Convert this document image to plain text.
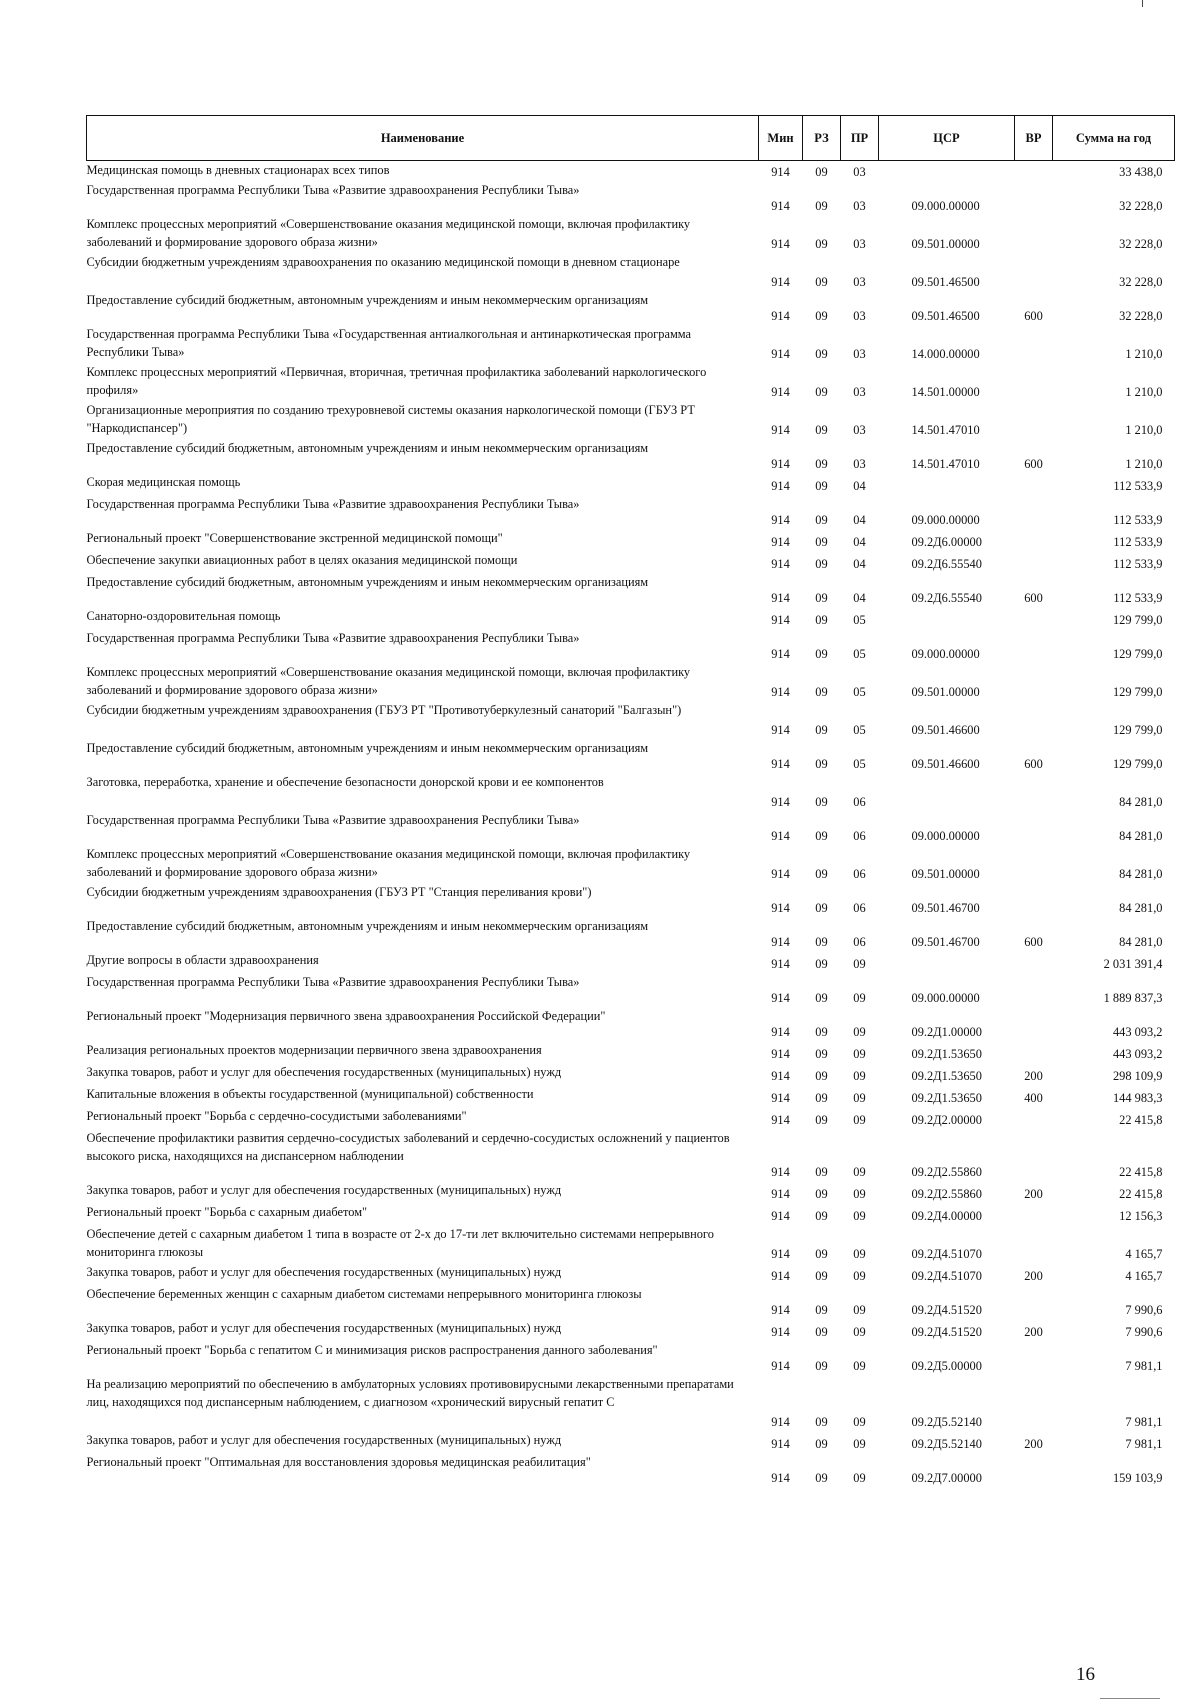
Наименование	Мин	РЗ	ПР	ЦСР	ВР	Сумма на год
Медицинская помощь в дневных стационарах всех типов	914	09	03			33 438,0
Государственная программа Республики Тыва «Развитие здравоохранения Республики Тыва»	914	09	03	09.000.00000		32 228,0
Комплекс процессных мероприятий «Совершенствование оказания медицинской помощи, включая профилактику заболеваний и формирование здорового образа жизни»	914	09	03	09.501.00000		32 228,0
Субсидии бюджетным учреждениям здравоохранения по оказанию медицинской помощи в дневном стационаре	914	09	03	09.501.46500		32 228,0
Предоставление субсидий бюджетным, автономным учреждениям и иным некоммерческим организациям	914	09	03	09.501.46500	600	32 228,0
Государственная программа Республики Тыва «Государственная антиалкогольная и антинаркотическая программа Республики Тыва»	914	09	03	14.000.00000		1 210,0
Комплекс процессных мероприятий «Первичная, вторичная, третичная профилактика заболеваний наркологического профиля»	914	09	03	14.501.00000		1 210,0
Организационные мероприятия по созданию трехуровневой системы оказания наркологической помощи (ГБУЗ РТ "Наркодиспансер")	914	09	03	14.501.47010		1 210,0
Предоставление субсидий бюджетным, автономным учреждениям и иным некоммерческим организациям	914	09	03	14.501.47010	600	1 210,0
Скорая медицинская помощь	914	09	04			112 533,9
Государственная программа Республики Тыва «Развитие здравоохранения Республики Тыва»	914	09	04	09.000.00000		112 533,9
Региональный проект "Совершенствование экстренной медицинской помощи"	914	09	04	09.2Д6.00000		112 533,9
Обеспечение закупки авиационных работ в целях оказания медицинской помощи	914	09	04	09.2Д6.55540		112 533,9
Предоставление субсидий бюджетным, автономным учреждениям и иным некоммерческим организациям	914	09	04	09.2Д6.55540	600	112 533,9
Санаторно-оздоровительная помощь	914	09	05			129 799,0
Государственная программа Республики Тыва «Развитие здравоохранения Республики Тыва»	914	09	05	09.000.00000		129 799,0
Комплекс процессных мероприятий «Совершенствование оказания медицинской помощи, включая профилактику заболеваний и формирование здорового образа жизни»	914	09	05	09.501.00000		129 799,0
Субсидии бюджетным учреждениям здравоохранения (ГБУЗ РТ "Противотуберкулезный санаторий "Балгазын")	914	09	05	09.501.46600		129 799,0
Предоставление субсидий бюджетным, автономным учреждениям и иным некоммерческим организациям	914	09	05	09.501.46600	600	129 799,0
Заготовка, переработка, хранение и обеспечение безопасности донорской крови и ее компонентов	914	09	06			84 281,0
Государственная программа Республики Тыва «Развитие здравоохранения Республики Тыва»	914	09	06	09.000.00000		84 281,0
Комплекс процессных мероприятий «Совершенствование оказания медицинской помощи, включая профилактику заболеваний и формирование здорового образа жизни»	914	09	06	09.501.00000		84 281,0
Субсидии бюджетным учреждениям здравоохранения (ГБУЗ РТ "Станция переливания крови")	914	09	06	09.501.46700		84 281,0
Предоставление субсидий бюджетным, автономным учреждениям и иным некоммерческим организациям	914	09	06	09.501.46700	600	84 281,0
Другие вопросы в области здравоохранения	914	09	09			2 031 391,4
Государственная программа Республики Тыва «Развитие здравоохранения Республики Тыва»	914	09	09	09.000.00000		1 889 837,3
Региональный проект "Модернизация первичного звена здравоохранения Российской Федерации"	914	09	09	09.2Д1.00000		443 093,2
Реализация региональных проектов модернизации первичного звена здравоохранения	914	09	09	09.2Д1.53650		443 093,2
Закупка товаров, работ и услуг для обеспечения государственных (муниципальных) нужд	914	09	09	09.2Д1.53650	200	298 109,9
Капитальные вложения в объекты государственной (муниципальной) собственности	914	09	09	09.2Д1.53650	400	144 983,3
Региональный проект "Борьба с сердечно-сосудистыми заболеваниями"	914	09	09	09.2Д2.00000		22 415,8
Обеспечение профилактики развития сердечно-сосудистых заболеваний и сердечно-сосудистых осложнений у пациентов высокого риска, находящихся на диспансерном наблюдении	914	09	09	09.2Д2.55860		22 415,8
Закупка товаров, работ и услуг для обеспечения государственных (муниципальных) нужд	914	09	09	09.2Д2.55860	200	22 415,8
Региональный проект "Борьба с сахарным диабетом"	914	09	09	09.2Д4.00000		12 156,3
Обеспечение детей с сахарным диабетом 1 типа в возрасте от 2-х до 17-ти лет включительно системами непрерывного мониторинга глюкозы	914	09	09	09.2Д4.51070		4 165,7
Закупка товаров, работ и услуг для обеспечения государственных (муниципальных) нужд	914	09	09	09.2Д4.51070	200	4 165,7
Обеспечение беременных женщин с сахарным диабетом системами непрерывного мониторинга глюкозы	914	09	09	09.2Д4.51520		7 990,6
Закупка товаров, работ и услуг для обеспечения государственных (муниципальных) нужд	914	09	09	09.2Д4.51520	200	7 990,6
Региональный проект "Борьба с гепатитом С и минимизация рисков распространения данного заболевания"	914	09	09	09.2Д5.00000		7 981,1
На реализацию мероприятий по обеспечению в амбулаторных условиях противовирусными лекарственными препаратами лиц, находящихся под диспансерным наблюдением, с диагнозом «хронический вирусный гепатит С	914	09	09	09.2Д5.52140		7 981,1
Закупка товаров, работ и услуг для обеспечения государственных (муниципальных) нужд	914	09	09	09.2Д5.52140	200	7 981,1
Региональный проект "Оптимальная для восстановления здоровья медицинская реабилитация"	914	09	09	09.2Д7.00000		159 103,9
16
